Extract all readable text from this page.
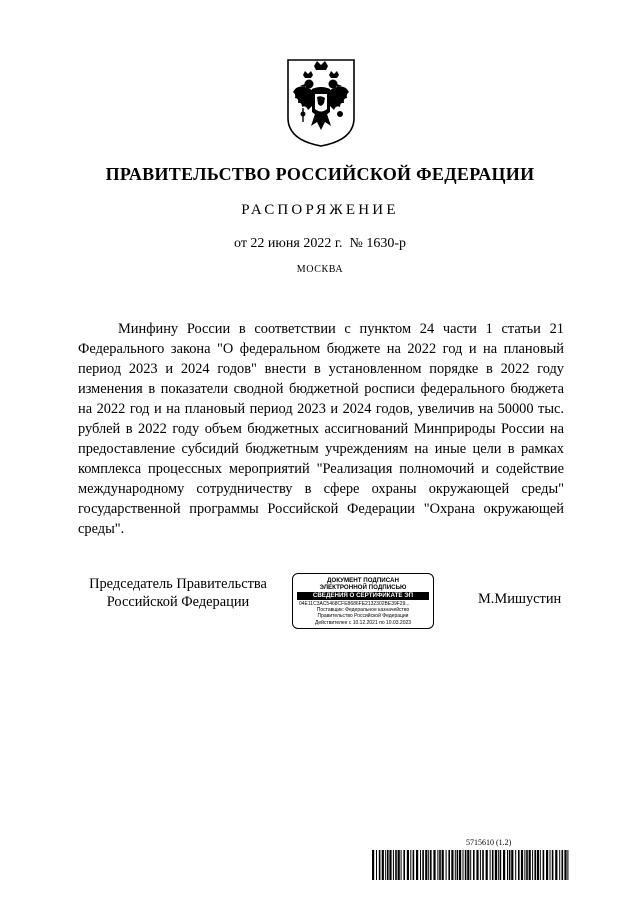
ПРАВИТЕЛЬСТВО РОССИЙСКОЙ ФЕДЕРАЦИИ
РАСПОРЯЖЕНИЕ
от 22 июня 2022 г.  № 1630-р
МОСКВА

Минфину России в соответствии с пунктом 24 части 1 статьи 21 Федерального закона "О федеральном бюджете на 2022 год и на плановый период 2023 и 2024 годов" внести в установленном порядке в 2022 году изменения в показатели сводной бюджетной росписи федерального бюджета на 2022 год и на плановый период 2023 и 2024 годов, увеличив на 50000 тыс. рублей в 2022 году объем бюджетных ассигнований Минприроды России на предоставление субсидий бюджетным учреждениям на иные цели в рамках комплекса процессных мероприятий "Реализация полномочий и содействие международному сотрудничеству в сфере охраны окружающей среды" государственной программы Российской Федерации "Охрана окружающей среды".

Председатель Правительства
Российской Федерации
ДОКУМЕНТ ПОДПИСАН
ЭЛЕКТРОННОЙ ПОДПИСЬЮ
СВЕДЕНИЯ О СЕРТИФИКАТЕ ЭП
04E11C3AC5468CFE8686FE2132302BE39F29...
Поставщик: Федеральное казначейство
Правительство Российской Федерации
Действителен с 10.12.2021 по 10.03.2023
М.Мишустин
5715610 (1.2)
